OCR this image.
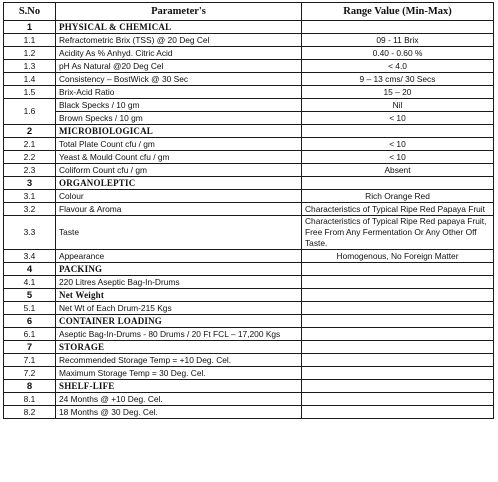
S.No	Parameter's	Range Value (Min-Max)
1	PHYSICAL & CHEMICAL	
1.1	Refractometric Brix (TSS) @ 20 Deg Cel	09 - 11 Brix
1.2	Acidity As % Anhyd. Citric Acid	0.40 - 0.60 %
1.3	pH As Natural @20 Deg Cel	< 4.0
1.4	Consistency – BostWick @ 30 Sec	9 – 13 cms/ 30 Secs
1.5	Brix-Acid Ratio	15 – 20
1.6	Black Specks / 10 gm	Nil
	Brown Specks / 10 gm	< 10
2	MICROBIOLOGICAL	
2.1	Total Plate Count cfu / gm	< 10
2.2	Yeast & Mould Count cfu / gm	< 10
2.3	Coliform Count cfu / gm	Absent
3	ORGANOLEPTIC	
3.1	Colour	Rich Orange Red
3.2	Flavour & Aroma	Characteristics of Typical Ripe Red Papaya Fruit
3.3	Taste	Characteristics of Typical Ripe Red papaya Fruit, Free From Any Fermentation Or Any Other Off Taste.
3.4	Appearance	Homogenous, No Foreign Matter
4	PACKING	
4.1	220 Litres Aseptic Bag-In-Drums	
5	Net Weight	
5.1	Net Wt of Each Drum-215 Kgs	
6	CONTAINER LOADING	
6.1	Aseptic Bag-In-Drums - 80 Drums / 20 Ft FCL – 17,200 Kgs	
7	STORAGE	
7.1	Recommended Storage Temp = +10 Deg. Cel.	
7.2	Maximum Storage Temp = 30 Deg. Cel.	
8	SHELF-LIFE	
8.1	24 Months @ +10 Deg. Cel.	
8.2	18 Months @ 30 Deg. Cel.	
